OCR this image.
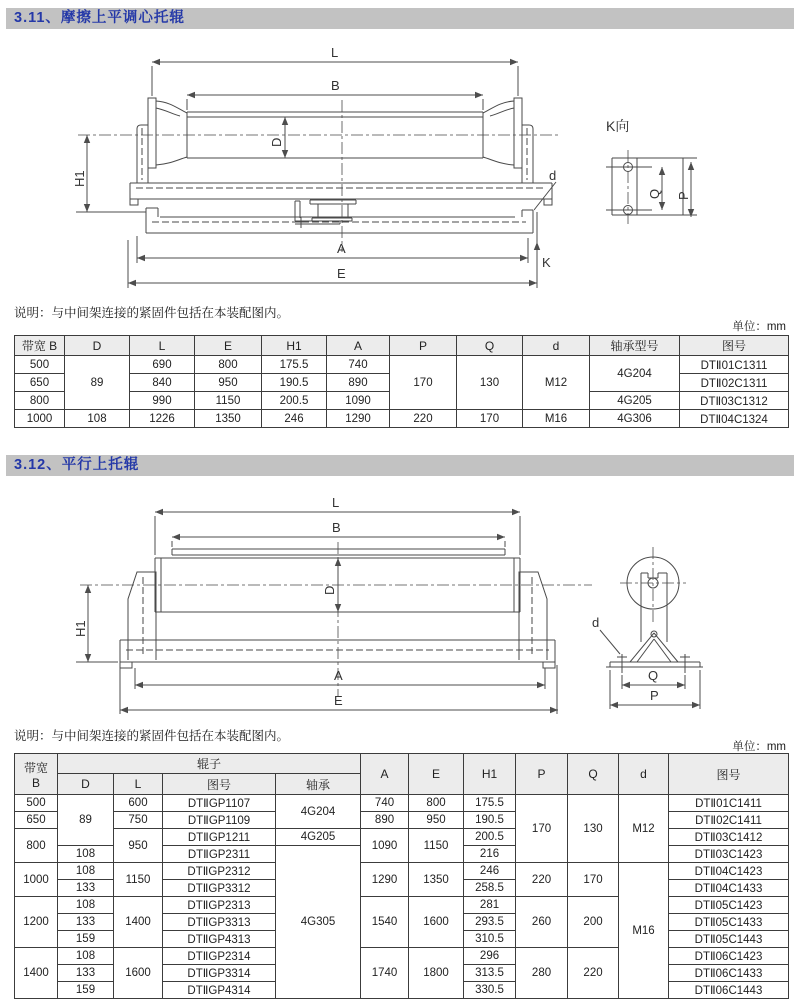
3.11、摩擦上平调心托辊
L
B
D
H1
A
E
d
K
K向
Q P
说明：与中间架连接的紧固件包括在本装配图内。
单位：mm
带宽 B	D	L	E	H1	A	P	Q	d	轴承型号	图号
500	89	690	800	175.5	740	170	130	M12	4G204	DTⅡ01C1311
650		840	950	190.5	890					DTⅡ02C1311
800		990	1150	200.5	1090				4G205	DTⅡ03C1312
1000	108	1226	1350	246	1290	220	170	M16	4G306	DTⅡ04C1324
3.12、平行上托辊
L
B
D
H1
A
E
d
Q
P
说明：与中间架连接的紧固件包括在本装配图内。
单位：mm
带宽
B	辊子				A	E	H1	P	Q	d	图号
	D	L	图号	轴承							
500	89	600	DTⅡGP1107	4G204	740	800	175.5	170	130	M12	DTⅡ01C1411
650		750	DTⅡGP1109		890	950	190.5				DTⅡ02C1411
800		950	DTⅡGP1211	4G205	1090	1150	200.5				DTⅡ03C1412
	108		DTⅡGP2311	4G305			216				DTⅡ03C1423
1000	108	1150	DTⅡGP2312		1290	1350	246	220	170	M16	DTⅡ04C1423
	133		DTⅡGP3312				258.5				DTⅡ04C1433
1200	108	1400	DTⅡGP2313		1540	1600	281	260	200		DTⅡ05C1423
	133		DTⅡGP3313				293.5				DTⅡ05C1433
	159		DTⅡGP4313				310.5				DTⅡ05C1443
1400	108	1600	DTⅡGP2314		1740	1800	296	280	220		DTⅡ06C1423
	133		DTⅡGP3314				313.5				DTⅡ06C1433
	159		DTⅡGP4314				330.5				DTⅡ06C1443
